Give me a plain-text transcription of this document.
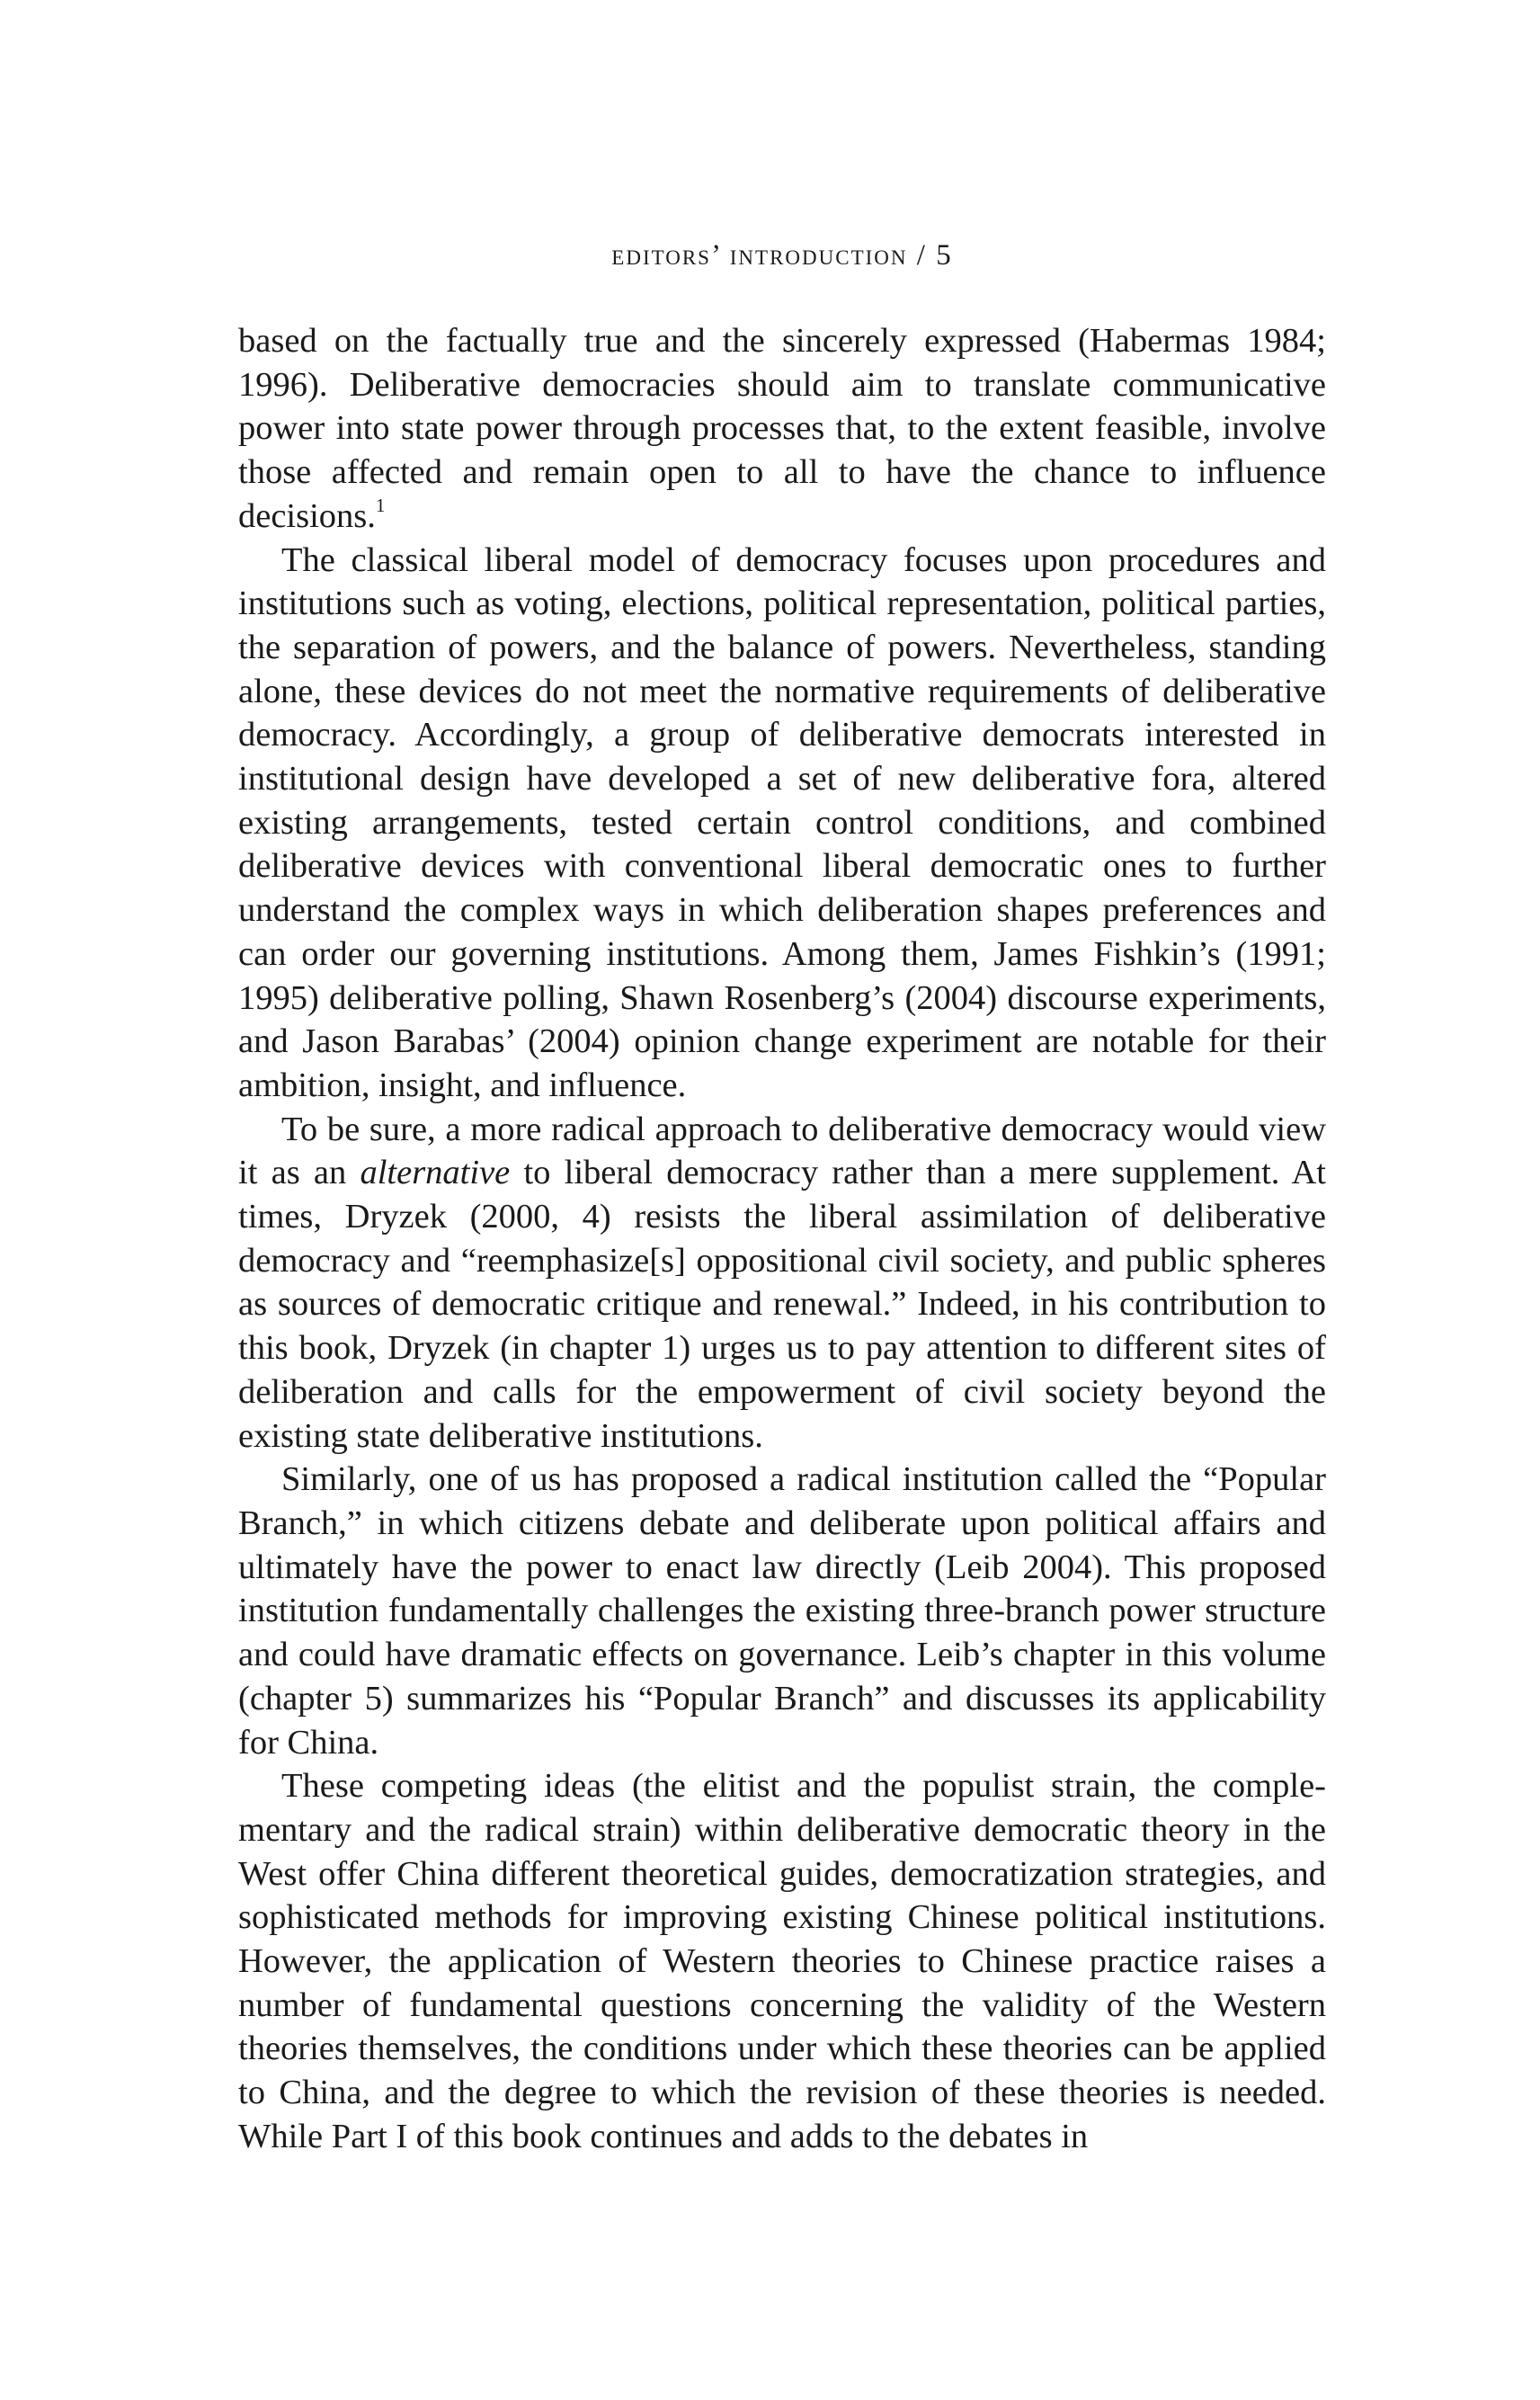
editors’ introduction / 5

based on the factually true and the sincerely expressed (Habermas 1984; 1996). Deliberative democracies should aim to translate communicative power into state power through processes that, to the extent feasible, involve those affected and remain open to all to have the chance to influence decisions.$^1$

The classical liberal model of democracy focuses upon procedures and institutions such as voting, elections, political representation, political parties, the separation of powers, and the balance of powers. Nevertheless, standing alone, these devices do not meet the normative requirements of deliberative democracy. Accordingly, a group of deliberative democrats interested in institutional design have developed a set of new deliberative fora, altered existing arrangements, tested certain control conditions, and combined deliberative devices with conventional liberal democratic ones to further understand the complex ways in which deliberation shapes preferences and can order our governing institutions. Among them, James Fishkin’s (1991; 1995) deliberative polling, Shawn Rosenberg’s (2004) discourse experiments, and Jason Barabas’ (2004) opinion change experiment are notable for their ambition, insight, and influence.

To be sure, a more radical approach to deliberative democracy would view it as an alternative to liberal democracy rather than a mere supplement. At times, Dryzek (2000, 4) resists the liberal assimilation of deliberative democracy and “reemphasize[s] oppositional civil society, and public spheres as sources of democratic critique and renewal.” Indeed, in his contribution to this book, Dryzek (in chapter 1) urges us to pay attention to different sites of deliberation and calls for the empowerment of civil society beyond the existing state deliberative institutions.

Similarly, one of us has proposed a radical institution called the “Popular Branch,” in which citizens debate and deliberate upon political affairs and ultimately have the power to enact law directly (Leib 2004). This proposed institution fundamentally challenges the existing three-branch power structure and could have dramatic effects on governance. Leib’s chapter in this volume (chapter 5) summarizes his “Popular Branch” and discusses its applicability for China.

These competing ideas (the elitist and the populist strain, the complementary and the radical strain) within deliberative democratic theory in the West offer China different theoretical guides, democratization strategies, and sophisticated methods for improving existing Chinese political institutions. However, the application of Western theories to Chinese practice raises a number of fundamental questions concerning the validity of the Western theories themselves, the conditions under which these theories can be applied to China, and the degree to which the revision of these theories is needed. While Part I of this book continues and adds to the debates in
